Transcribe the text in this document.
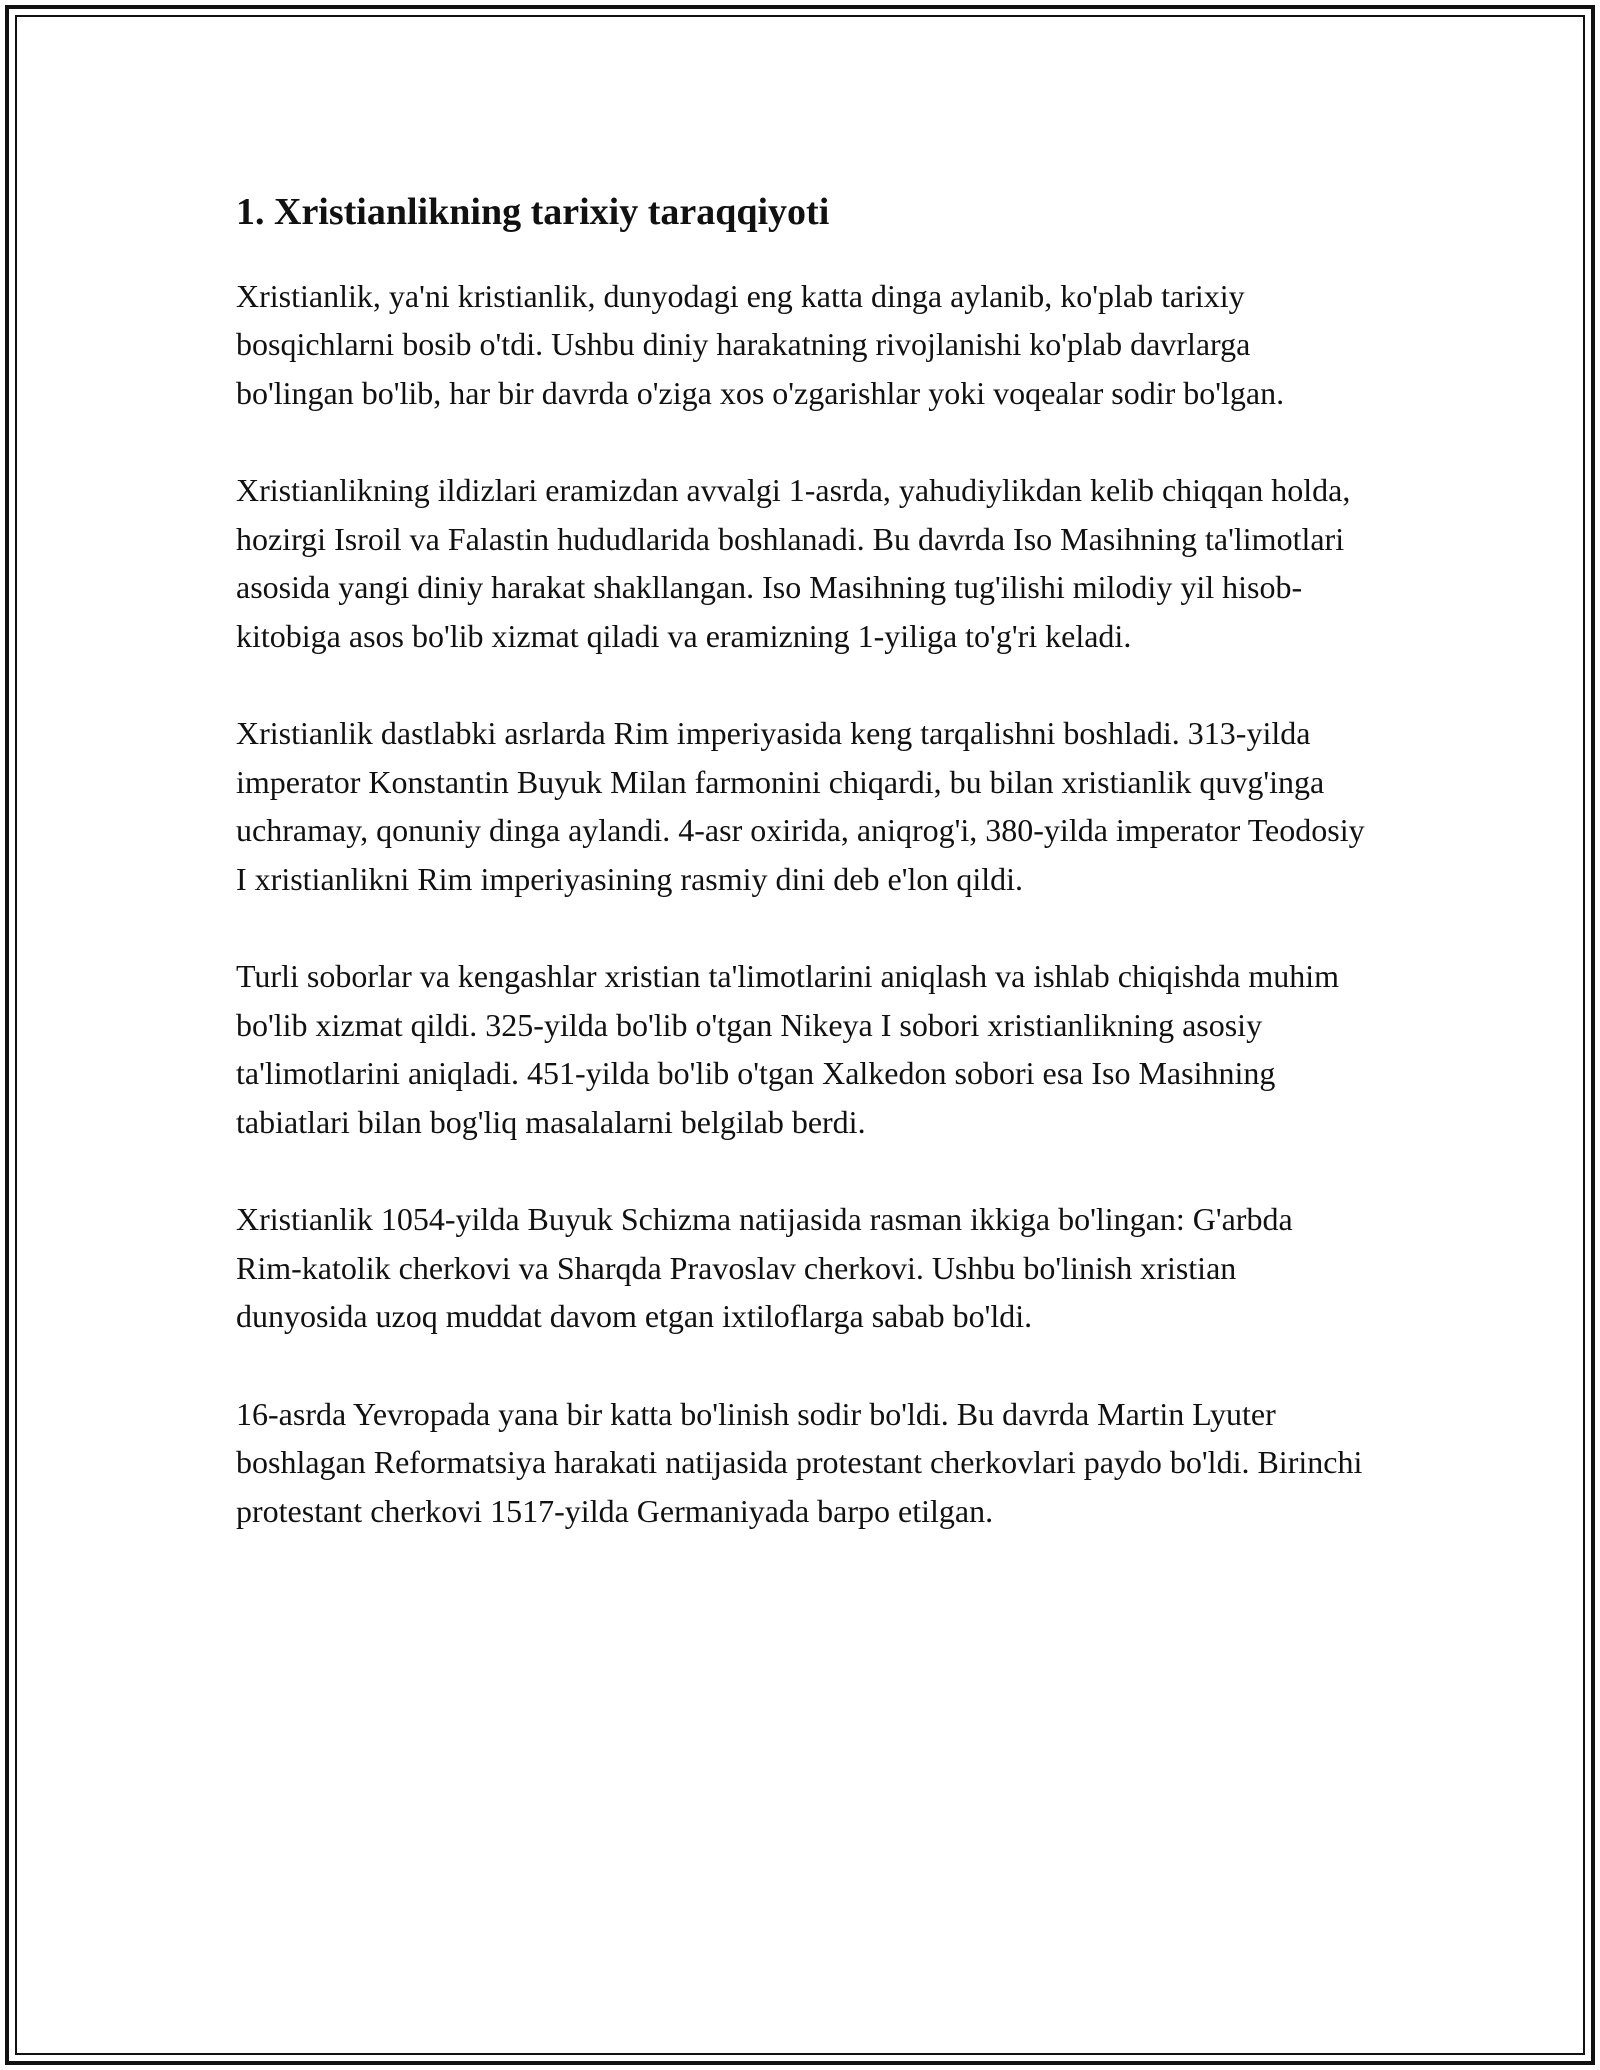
1. Xristianlikning tarixiy taraqqiyoti

Xristianlik, ya'ni kristianlik, dunyodagi eng katta dinga aylanib, ko'plab tarixiy bosqichlarni bosib o'tdi. Ushbu diniy harakatning rivojlanishi ko'plab davrlarga bo'lingan bo'lib, har bir davrda o'ziga xos o'zgarishlar yoki voqealar sodir bo'lgan.

Xristianlikning ildizlari eramizdan avvalgi 1-asrda, yahudiylikdan kelib chiqqan holda, hozirgi Isroil va Falastin hududlarida boshlanadi. Bu davrda Iso Masihning ta'limotlari asosida yangi diniy harakat shakllangan. Iso Masihning tug'ilishi milodiy yil hisob-kitobiga asos bo'lib xizmat qiladi va eramizning 1-yiliga to'g'ri keladi.

Xristianlik dastlabki asrlarda Rim imperiyasida keng tarqalishni boshladi. 313-yilda imperator Konstantin Buyuk Milan farmonini chiqardi, bu bilan xristianlik quvg'inga uchramay, qonuniy dinga aylandi. 4-asr oxirida, aniqrog'i, 380-yilda imperator Teodosiy I xristianlikni Rim imperiyasining rasmiy dini deb e'lon qildi.

Turli soborlar va kengashlar xristian ta'limotlarini aniqlash va ishlab chiqishda muhim bo'lib xizmat qildi. 325-yilda bo'lib o'tgan Nikeya I sobori xristianlikning asosiy ta'limotlarini aniqladi. 451-yilda bo'lib o'tgan Xalkedon sobori esa Iso Masihning tabiatlari bilan bog'liq masalalarni belgilab berdi.

Xristianlik 1054-yilda Buyuk Schizma natijasida rasman ikkiga bo'lingan: G'arbda Rim-katolik cherkovi va Sharqda Pravoslav cherkovi. Ushbu bo'linish xristian dunyosida uzoq muddat davom etgan ixtiloflarga sabab bo'ldi.

16-asrda Yevropada yana bir katta bo'linish sodir bo'ldi. Bu davrda Martin Lyuter boshlagan Reformatsiya harakati natijasida protestant cherkovlari paydo bo'ldi. Birinchi protestant cherkovi 1517-yilda Germaniyada barpo etilgan.
